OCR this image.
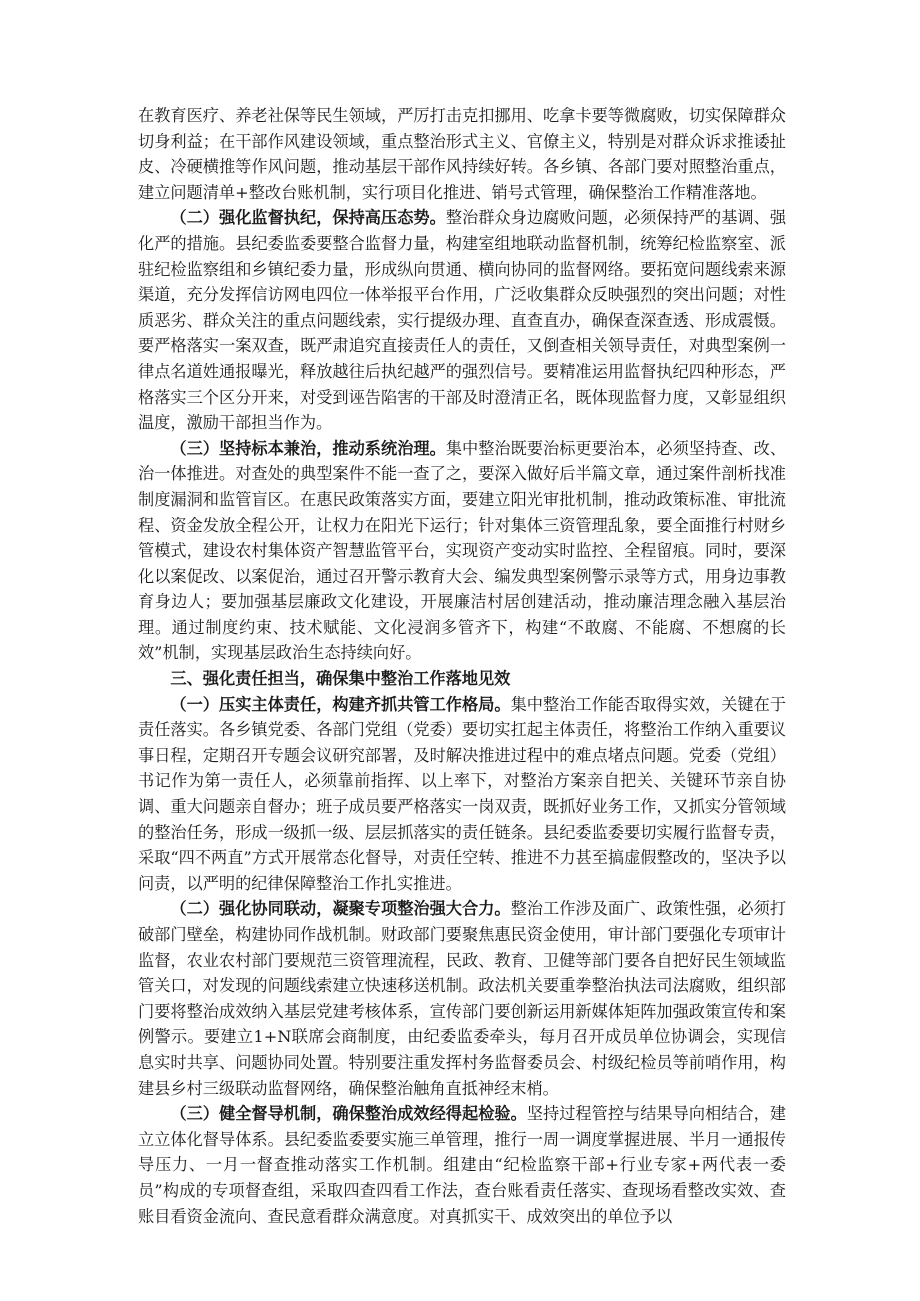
在教育医疗、养老社保等民生领域，严厉打击克扣挪用、吃拿卡要等微腐败，切实保障群众切身利益；在干部作风建设领域，重点整治形式主义、官僚主义，特别是对群众诉求推诿扯皮、冷硬横推等作风问题，推动基层干部作风持续好转。各乡镇、各部门要对照整治重点，建立问题清单+整改台账机制，实行项目化推进、销号式管理，确保整治工作精准落地。

（二）强化监督执纪，保持高压态势。整治群众身边腐败问题，必须保持严的基调、强化严的措施。县纪委监委要整合监督力量，构建室组地联动监督机制，统筹纪检监察室、派驻纪检监察组和乡镇纪委力量，形成纵向贯通、横向协同的监督网络。要拓宽问题线索来源渠道，充分发挥信访网电四位一体举报平台作用，广泛收集群众反映强烈的突出问题；对性质恶劣、群众关注的重点问题线索，实行提级办理、直查直办，确保查深查透、形成震慑。要严格落实一案双查，既严肃追究直接责任人的责任，又倒查相关领导责任，对典型案例一律点名道姓通报曝光，释放越往后执纪越严的强烈信号。要精准运用监督执纪四种形态，严格落实三个区分开来，对受到诬告陷害的干部及时澄清正名，既体现监督力度，又彰显组织温度，激励干部担当作为。

（三）坚持标本兼治，推动系统治理。集中整治既要治标更要治本，必须坚持查、改、治一体推进。对查处的典型案件不能一查了之，要深入做好后半篇文章，通过案件剖析找准制度漏洞和监管盲区。在惠民政策落实方面，要建立阳光审批机制，推动政策标准、审批流程、资金发放全程公开，让权力在阳光下运行；针对集体三资管理乱象，要全面推行村财乡管模式，建设农村集体资产智慧监管平台，实现资产变动实时监控、全程留痕。同时，要深化以案促改、以案促治，通过召开警示教育大会、编发典型案例警示录等方式，用身边事教育身边人；要加强基层廉政文化建设，开展廉洁村居创建活动，推动廉洁理念融入基层治理。通过制度约束、技术赋能、文化浸润多管齐下，构建“不敢腐、不能腐、不想腐的长效”机制，实现基层政治生态持续向好。

三、强化责任担当，确保集中整治工作落地见效

（一）压实主体责任，构建齐抓共管工作格局。集中整治工作能否取得实效，关键在于责任落实。各乡镇党委、各部门党组（党委）要切实扛起主体责任，将整治工作纳入重要议事日程，定期召开专题会议研究部署，及时解决推进过程中的难点堵点问题。党委（党组）书记作为第一责任人，必须靠前指挥、以上率下，对整治方案亲自把关、关键环节亲自协调、重大问题亲自督办；班子成员要严格落实一岗双责，既抓好业务工作，又抓实分管领域的整治任务，形成一级抓一级、层层抓落实的责任链条。县纪委监委要切实履行监督专责，采取“四不两直”方式开展常态化督导，对责任空转、推进不力甚至搞虚假整改的，坚决予以问责，以严明的纪律保障整治工作扎实推进。

（二）强化协同联动，凝聚专项整治强大合力。整治工作涉及面广、政策性强，必须打破部门壁垒，构建协同作战机制。财政部门要聚焦惠民资金使用，审计部门要强化专项审计监督，农业农村部门要规范三资管理流程，民政、教育、卫健等部门要各自把好民生领域监管关口，对发现的问题线索建立快速移送机制。政法机关要重拳整治执法司法腐败，组织部门要将整治成效纳入基层党建考核体系，宣传部门要创新运用新媒体矩阵加强政策宣传和案例警示。要建立1+N联席会商制度，由纪委监委牵头，每月召开成员单位协调会，实现信息实时共享、问题协同处置。特别要注重发挥村务监督委员会、村级纪检员等前哨作用，构建县乡村三级联动监督网络，确保整治触角直抵神经末梢。

（三）健全督导机制，确保整治成效经得起检验。坚持过程管控与结果导向相结合，建立立体化督导体系。县纪委监委要实施三单管理，推行一周一调度掌握进展、半月一通报传导压力、一月一督查推动落实工作机制。组建由“纪检监察干部+行业专家+两代表一委员”构成的专项督查组，采取四查四看工作法，查台账看责任落实、查现场看整改实效、查账目看资金流向、查民意看群众满意度。对真抓实干、成效突出的单位予以
